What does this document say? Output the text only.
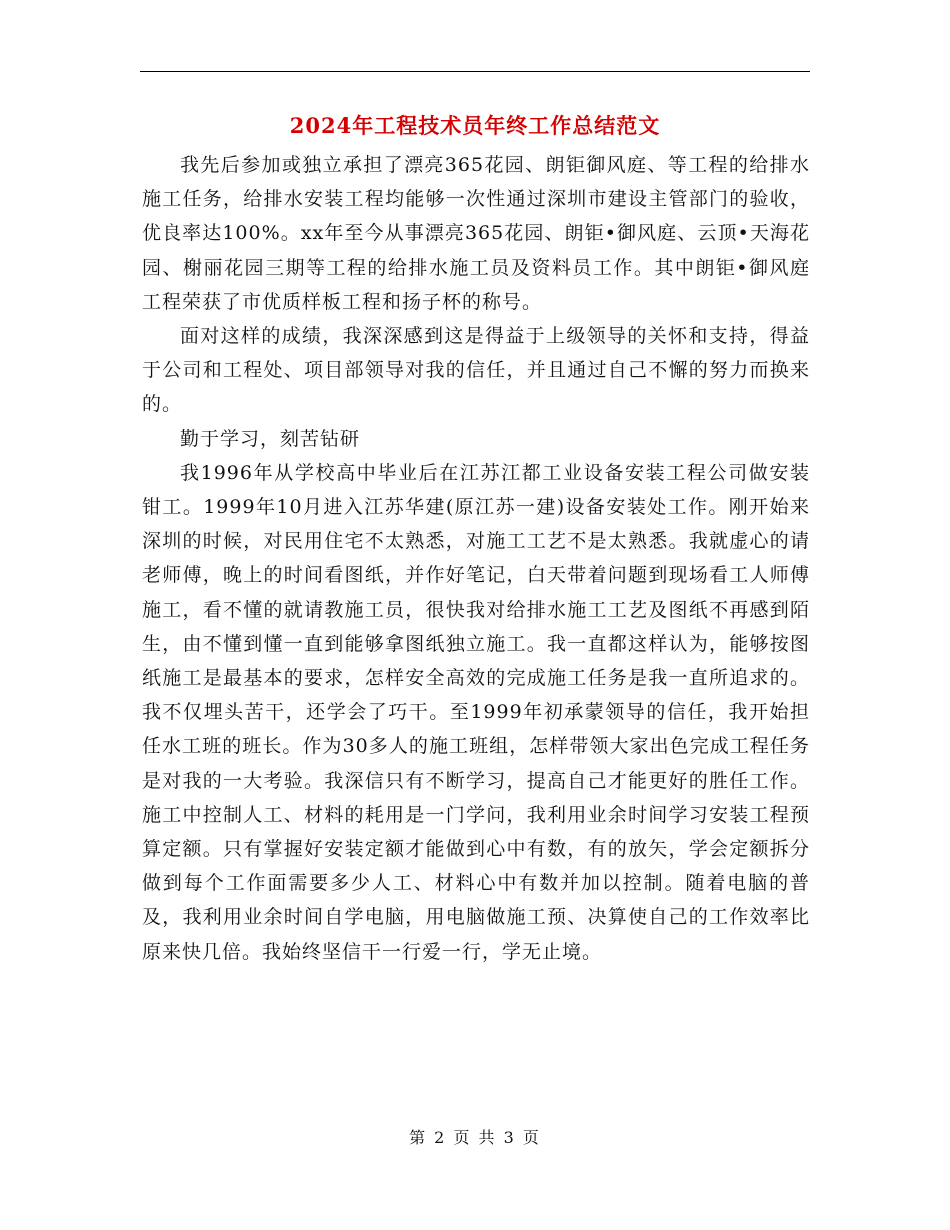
2024年工程技术员年终工作总结范文

我先后参加或独立承担了漂亮365花园、朗钜御风庭、等工程的给排水施工任务，给排水安装工程均能够一次性通过深圳市建设主管部门的验收，优良率达100%。xx年至今从事漂亮365花园、朗钜•御风庭、云顶•天海花园、榭丽花园三期等工程的给排水施工员及资料员工作。其中朗钜•御风庭工程荣获了市优质样板工程和扬子杯的称号。

面对这样的成绩，我深深感到这是得益于上级领导的关怀和支持，得益于公司和工程处、项目部领导对我的信任，并且通过自己不懈的努力而换来的。

勤于学习，刻苦钻研

我1996年从学校高中毕业后在江苏江都工业设备安装工程公司做安装钳工。1999年10月进入江苏华建(原江苏一建)设备安装处工作。刚开始来深圳的时候，对民用住宅不太熟悉，对施工工艺不是太熟悉。我就虚心的请老师傅，晚上的时间看图纸，并作好笔记，白天带着问题到现场看工人师傅施工，看不懂的就请教施工员，很快我对给排水施工工艺及图纸不再感到陌生，由不懂到懂一直到能够拿图纸独立施工。我一直都这样认为，能够按图纸施工是最基本的要求，怎样安全高效的完成施工任务是我一直所追求的。我不仅埋头苦干，还学会了巧干。至1999年初承蒙领导的信任，我开始担任水工班的班长。作为30多人的施工班组，怎样带领大家出色完成工程任务是对我的一大考验。我深信只有不断学习，提高自己才能更好的胜任工作。施工中控制人工、材料的耗用是一门学问，我利用业余时间学习安装工程预算定额。只有掌握好安装定额才能做到心中有数，有的放矢，学会定额拆分做到每个工作面需要多少人工、材料心中有数并加以控制。随着电脑的普及，我利用业余时间自学电脑，用电脑做施工预、决算使自己的工作效率比原来快几倍。我始终坚信干一行爱一行，学无止境。

第 2 页 共 3 页
